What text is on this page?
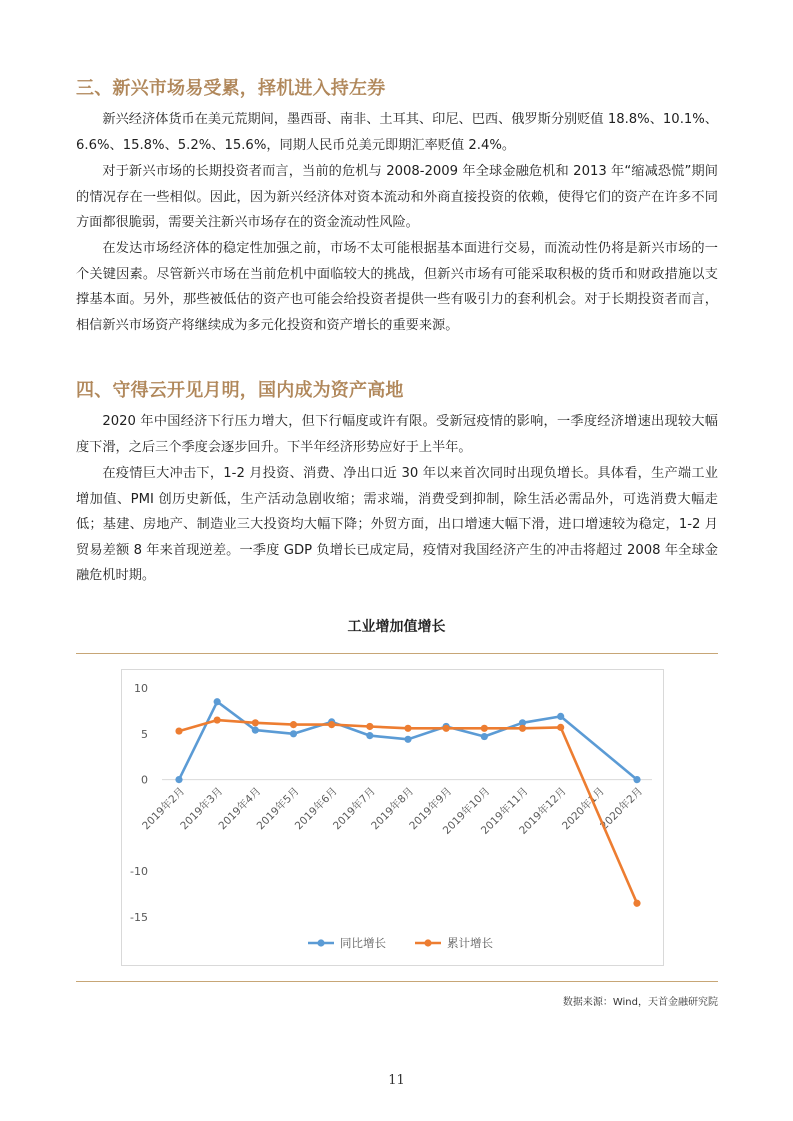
三、新兴市场易受累，择机进入持左券

新兴经济体货币在美元荒期间，墨西哥、南非、土耳其、印尼、巴西、俄罗斯分别贬值 18.8%、10.1%、6.6%、15.8%、5.2%、15.6%，同期人民币兑美元即期汇率贬值 2.4%。

对于新兴市场的长期投资者而言，当前的危机与 2008-2009 年全球金融危机和 2013 年“缩减恐慌”期间的情况存在一些相似。因此，因为新兴经济体对资本流动和外商直接投资的依赖，使得它们的资产在许多不同方面都很脆弱，需要关注新兴市场存在的资金流动性风险。

在发达市场经济体的稳定性加强之前，市场不太可能根据基本面进行交易，而流动性仍将是新兴市场的一个关键因素。尽管新兴市场在当前危机中面临较大的挑战，但新兴市场有可能采取积极的货币和财政措施以支撑基本面。另外，那些被低估的资产也可能会给投资者提供一些有吸引力的套利机会。对于长期投资者而言，相信新兴市场资产将继续成为多元化投资和资产增长的重要来源。

四、守得云开见月明，国内成为资产高地

2020 年中国经济下行压力增大，但下行幅度或许有限。受新冠疫情的影响，一季度经济增速出现较大幅度下滑，之后三个季度会逐步回升。下半年经济形势应好于上半年。

在疫情巨大冲击下，1-2 月投资、消费、净出口近 30 年以来首次同时出现负增长。具体看，生产端工业增加值、PMI 创历史新低，生产活动急剧收缩；需求端，消费受到抑制，除生活必需品外，可选消费大幅走低；基建、房地产、制造业三大投资均大幅下降；外贸方面，出口增速大幅下滑，进口增速较为稳定，1-2 月贸易差额 8 年来首现逆差。一季度 GDP 负增长已成定局，疫情对我国经济产生的冲击将超过 2008 年全球金融危机时期。

工业增加值增长
10
5
0
-10
-15
2019年2月
2019年3月
2019年4月
2019年5月
2019年6月
2019年7月
2019年8月
2019年9月
2019年10月
2019年11月
2019年12月
2020年1月
2020年2月
同比增长	累计增长
数据来源：Wind，天首金融研究院
11
